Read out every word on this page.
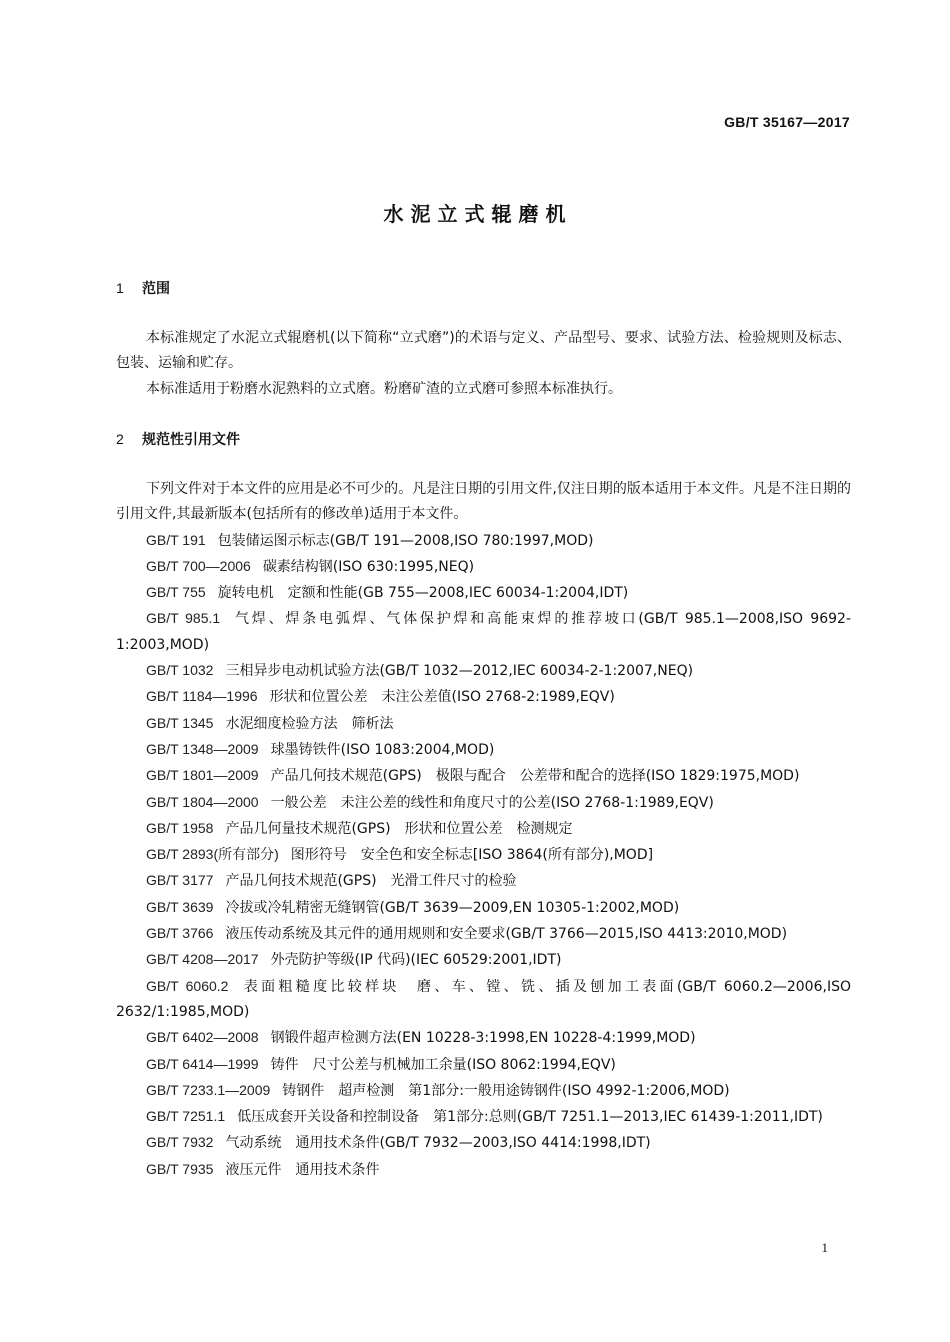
GB/T 35167—2017
水泥立式辊磨机
1 范围

本标准规定了水泥立式辊磨机(以下简称“立式磨”)的术语与定义、产品型号、要求、试验方法、检验规则及标志、包装、运输和贮存。

本标准适用于粉磨水泥熟料的立式磨。粉磨矿渣的立式磨可参照本标准执行。

2 规范性引用文件

下列文件对于本文件的应用是必不可少的。凡是注日期的引用文件,仅注日期的版本适用于本文件。凡是不注日期的引用文件,其最新版本(包括所有的修改单)适用于本文件。

GB/T 191 包装储运图示标志(GB/T 191—2008,ISO 780:1997,MOD)

GB/T 700—2006 碳素结构钢(ISO 630:1995,NEQ)

GB/T 755 旋转电机　定额和性能(GB 755—2008,IEC 60034-1:2004,IDT)

GB/T 985.1 气焊、焊条电弧焊、气体保护焊和高能束焊的推荐坡口(GB/T 985.1—2008,ISO 9692-1:2003,MOD)

GB/T 1032 三相异步电动机试验方法(GB/T 1032—2012,IEC 60034-2-1:2007,NEQ)

GB/T 1184—1996 形状和位置公差　未注公差值(ISO 2768-2:1989,EQV)

GB/T 1345 水泥细度检验方法　筛析法

GB/T 1348—2009 球墨铸铁件(ISO 1083:2004,MOD)

GB/T 1801—2009 产品几何技术规范(GPS)　极限与配合　公差带和配合的选择(ISO 1829:1975,MOD)

GB/T 1804—2000 一般公差　未注公差的线性和角度尺寸的公差(ISO 2768-1:1989,EQV)

GB/T 1958 产品几何量技术规范(GPS)　形状和位置公差　检测规定

GB/T 2893(所有部分) 图形符号　安全色和安全标志[ISO 3864(所有部分),MOD]

GB/T 3177 产品几何技术规范(GPS)　光滑工件尺寸的检验

GB/T 3639 冷拔或冷轧精密无缝钢管(GB/T 3639—2009,EN 10305-1:2002,MOD)

GB/T 3766 液压传动系统及其元件的通用规则和安全要求(GB/T 3766—2015,ISO 4413:2010,MOD)

GB/T 4208—2017 外壳防护等级(IP 代码)(IEC 60529:2001,IDT)

GB/T 6060.2 表面粗糙度比较样块　磨、车、镗、铣、插及刨加工表面(GB/T 6060.2—2006,ISO 2632/1:1985,MOD)

GB/T 6402—2008 钢锻件超声检测方法(EN 10228-3:1998,EN 10228-4:1999,MOD)

GB/T 6414—1999 铸件　尺寸公差与机械加工余量(ISO 8062:1994,EQV)

GB/T 7233.1—2009 铸钢件　超声检测　第1部分:一般用途铸钢件(ISO 4992-1:2006,MOD)

GB/T 7251.1 低压成套开关设备和控制设备　第1部分:总则(GB/T 7251.1—2013,IEC 61439-1:2011,IDT)

GB/T 7932 气动系统　通用技术条件(GB/T 7932—2003,ISO 4414:1998,IDT)

GB/T 7935 液压元件　通用技术条件

1
